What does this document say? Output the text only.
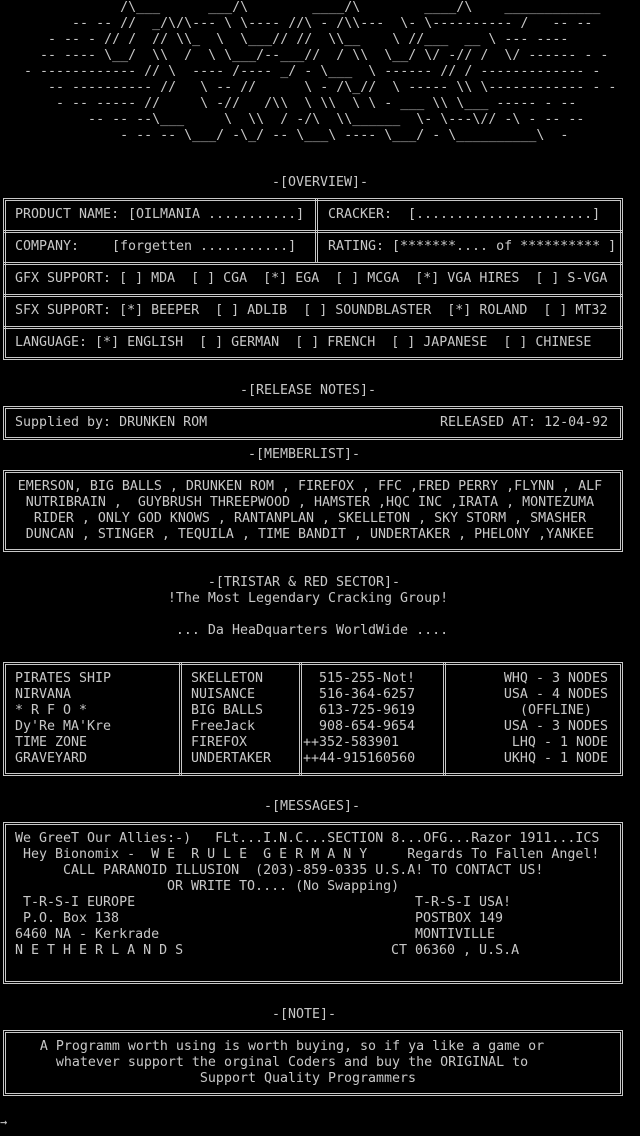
/\___      ___/\        ____/\        ____/\    ____________
-- -- //  _/\/\--- \ \---- //\ - /\\---  \- \---------- /   -- --
- -- - // /  // \\_  \  \___// //  \\__    \ //___  __ \ --- ----
-- ---- \__/  \\  /  \ \___/--___//  / \\  \__/ \/ -// /  \/ ------ - -
- ------------ // \  ---- /---- _/ - \___  \ ------ // / ------------- -
-- ---------- //   \ -- //      \ - /\_//  \ ----- \\ \------------ - -
- -- ----- //     \ -//   /\\  \ \\  \ \ - ___ \\ \___ ----- - --
-- -- --\___     \  \\  / -/\  \\______  \- \---\// -\ - -- --
- -- -- \___/ -\_/ -- \___\ ---- \___/ - \__________\  -
-[OVERVIEW]-
PRODUCT NAME: [OILMANIA ...........] CRACKER: [......................]
COMPANY: [forgetten ...........] RATING: [*******.... of ********** ]
GFX SUPPORT: [ ] MDA  [ ] CGA  [*] EGA  [ ] MCGA  [*] VGA HIRES  [ ] S-VGA
SFX SUPPORT: [*] BEEPER  [ ] ADLIB  [ ] SOUNDBLASTER  [*] ROLAND  [ ] MT32
LANGUAGE: [*] ENGLISH  [ ] GERMAN  [ ] FRENCH  [ ] JAPANESE  [ ] CHINESE
-[RELEASE NOTES]-
Supplied by: DRUNKEN ROM	RELEASED AT: 12-04-92
-[MEMBERLIST]-
EMERSON, BIG BALLS , DRUNKEN ROM , FIREFOX , FFC ,FRED PERRY ,FLYNN , ALF
NUTRIBRAIN ,  GUYBRUSH THREEPWOOD , HAMSTER ,HQC INC ,IRATA , MONTEZUMA
RIDER , ONLY GOD KNOWS , RANTANPLAN , SKELLETON , SKY STORM , SMASHER
DUNCAN , STINGER , TEQUILA , TIME BANDIT , UNDERTAKER , PHELONY ,YANKEE
-[TRISTAR & RED SECTOR]-
!The Most Legendary Cracking Group!
... Da HeaDquarters WorldWide ....
PIRATES SHIP	SKELLETON	515-255-Not!	WHQ - 3 NODES
NIRVANA	NUISANCE	516-364-6257	USA - 4 NODES
* R F O *	BIG BALLS	613-725-9619	(OFFLINE)
Dy'Re MA'Kre	FreeJack	908-654-9654	USA - 3 NODES
TIME ZONE	FIREFOX	++352-583901	LHQ - 1 NODE
GRAVEYARD	UNDERTAKER ++44-915160560	UKHQ - 1 NODE
-[MESSAGES]-
We GreeT Our Allies:-)   FLt...I.N.C...SECTION 8...OFG...Razor 1911...ICS
Hey Bionomix -  W E  R U L E  G E R M A N Y     Regards To Fallen Angel!
CALL PARANOID ILLUSION  (203)-859-0335 U.S.A! TO CONTACT US!
OR WRITE TO.... (No Swapping)
T-R-S-I EUROPE
P.O. Box 138
6460 NA - Kerkrade
N E T H E R L A N D S
T-R-S-I USA!
POSTBOX 149
MONTIVILLE
CT 06360 , U.S.A
-[NOTE]-
A Programm worth using is worth buying, so if ya like a game or
whatever support the orginal Coders and buy the ORIGINAL to
Support Quality Programmers
→
